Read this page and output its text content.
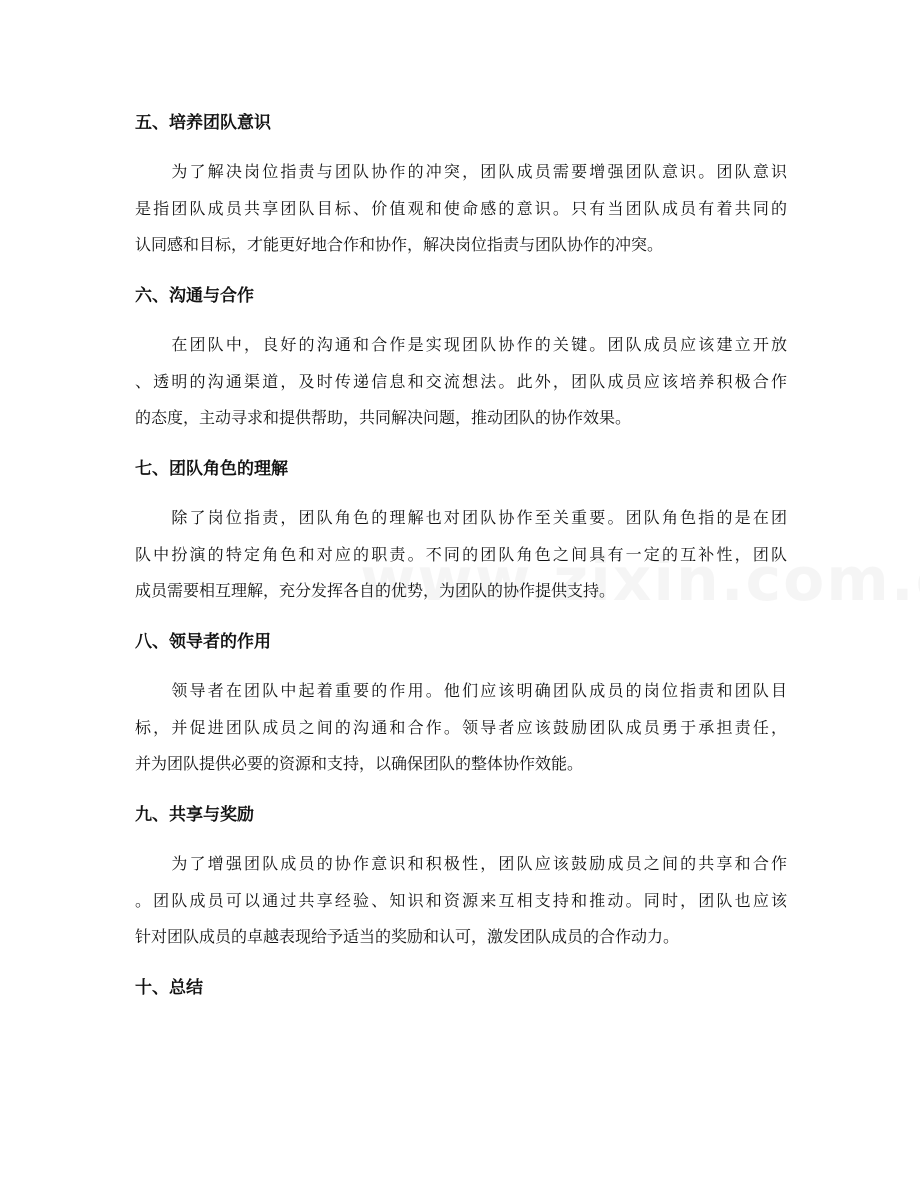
五、培养团队意识
　　为了解决岗位指责与团队协作的冲突，团队成员需要增强团队意识。团队意识
是指团队成员共享团队目标、价值观和使命感的意识。只有当团队成员有着共同的
认同感和目标，才能更好地合作和协作，解决岗位指责与团队协作的冲突。
六、沟通与合作
　　在团队中，良好的沟通和合作是实现团队协作的关键。团队成员应该建立开放
、透明的沟通渠道，及时传递信息和交流想法。此外，团队成员应该培养积极合作
的态度，主动寻求和提供帮助，共同解决问题，推动团队的协作效果。
七、团队角色的理解
　　除了岗位指责，团队角色的理解也对团队协作至关重要。团队角色指的是在团
队中扮演的特定角色和对应的职责。不同的团队角色之间具有一定的互补性，团队
成员需要相互理解，充分发挥各自的优势，为团队的协作提供支持。
八、领导者的作用
　　领导者在团队中起着重要的作用。他们应该明确团队成员的岗位指责和团队目
标，并促进团队成员之间的沟通和合作。领导者应该鼓励团队成员勇于承担责任，
并为团队提供必要的资源和支持，以确保团队的整体协作效能。
九、共享与奖励
　　为了增强团队成员的协作意识和积极性，团队应该鼓励成员之间的共享和合作
。团队成员可以通过共享经验、知识和资源来互相支持和推动。同时，团队也应该
针对团队成员的卓越表现给予适当的奖励和认可，激发团队成员的合作动力。
十、总结
